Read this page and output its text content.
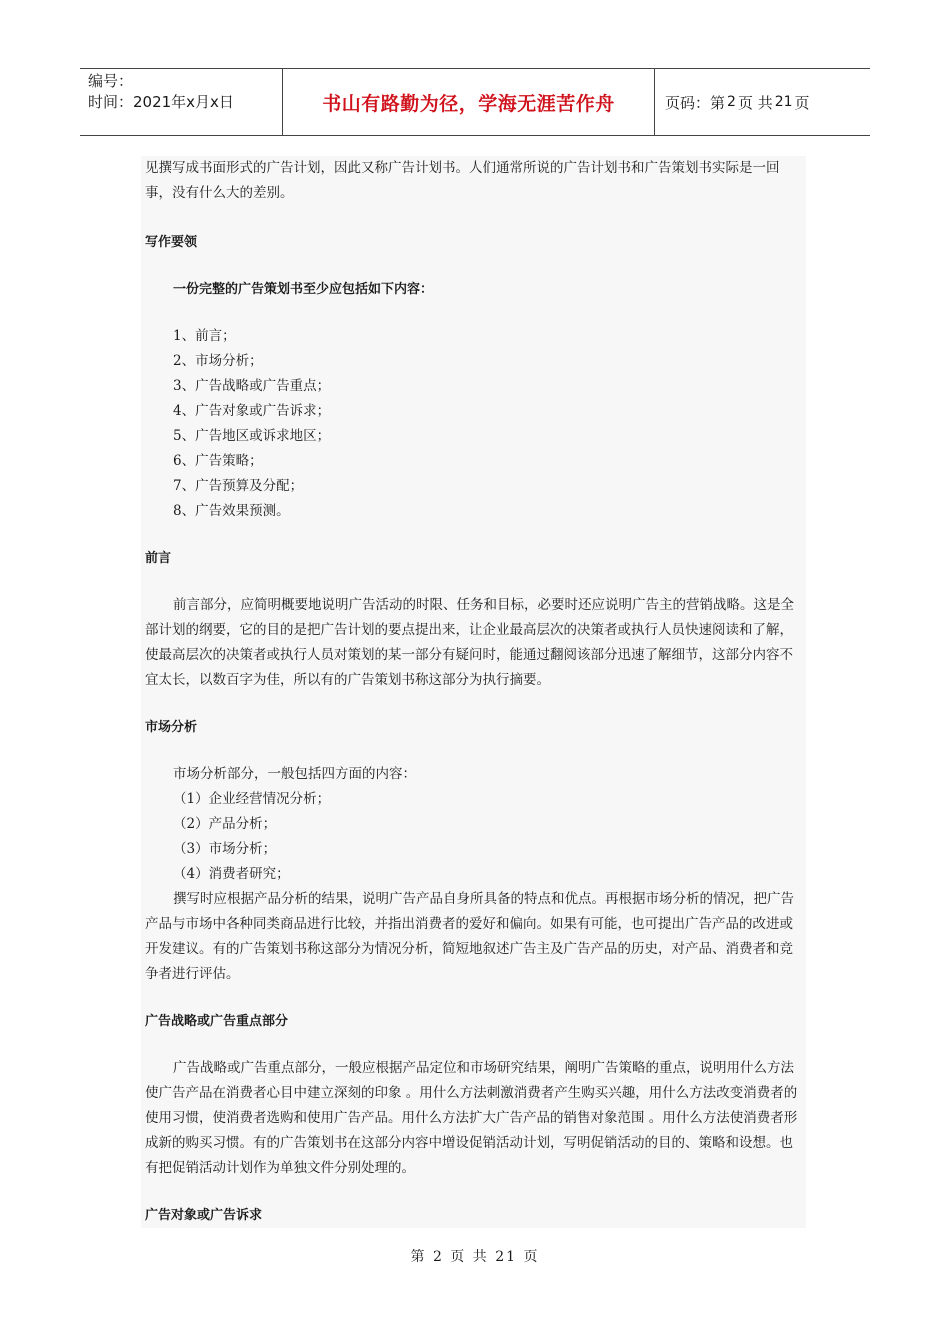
编号：
时间：2021年x月x日	书山有路勤为径，学海无涯苦作舟	页码：第 2 页 共 21 页

见撰写成书面形式的广告计划，因此又称广告计划书。人们通常所说的广告计划书和广告策划书实际是一回事，没有什么大的差别。

写作要领

一份完整的广告策划书至少应包括如下内容：

1、前言；

2、市场分析；

3、广告战略或广告重点；

4、广告对象或广告诉求；

5、广告地区或诉求地区；

6、广告策略；

7、广告预算及分配；

8、广告效果预测。

前言

前言部分，应简明概要地说明广告活动的时限、任务和目标，必要时还应说明广告主的营销战略。这是全部计划的纲要，它的目的是把广告计划的要点提出来，让企业最高层次的决策者或执行人员快速阅读和了解，使最高层次的决策者或执行人员对策划的某一部分有疑问时，能通过翻阅该部分迅速了解细节，这部分内容不宜太长，以数百字为佳，所以有的广告策划书称这部分为执行摘要。

市场分析

市场分析部分，一般包括四方面的内容：

（1）企业经营情况分析；

（2）产品分析；

（3）市场分析；

（4）消费者研究；

撰写时应根据产品分析的结果，说明广告产品自身所具备的特点和优点。再根据市场分析的情况，把广告产品与市场中各种同类商品进行比较，并指出消费者的爱好和偏向。如果有可能，也可提出广告产品的改进或开发建议。有的广告策划书称这部分为情况分析，简短地叙述广告主及广告产品的历史，对产品、消费者和竞争者进行评估。

广告战略或广告重点部分

广告战略或广告重点部分，一般应根据产品定位和市场研究结果，阐明广告策略的重点，说明用什么方法使广告产品在消费者心目中建立深刻的印象 。用什么方法刺激消费者产生购买兴趣，用什么方法改变消费者的使用习惯，使消费者选购和使用广告产品。用什么方法扩大广告产品的销售对象范围 。用什么方法使消费者形成新的购买习惯。有的广告策划书在这部分内容中增设促销活动计划，写明促销活动的目的、策略和设想。也有把促销活动计划作为单独文件分别处理的。

广告对象或广告诉求

第 2 页 共 21 页
